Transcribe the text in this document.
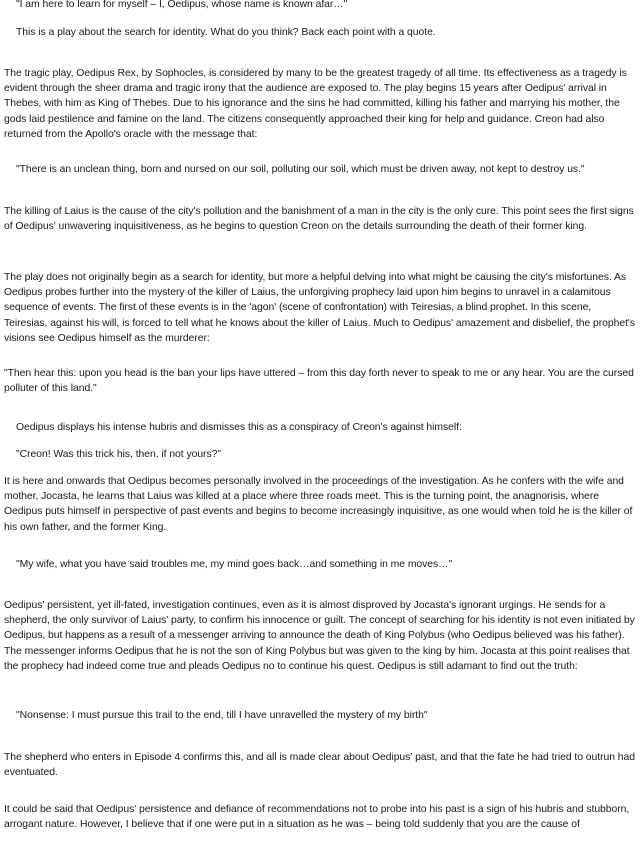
"I am here to learn for myself – I, Oedipus, whose name is known afar…"

This is a play about the search for identity. What do you think? Back each point with a quote.

The tragic play, Oedipus Rex, by Sophocles, is considered by many to be the greatest tragedy of all time. Its effectiveness as a tragedy is evident through the sheer drama and tragic irony that the audience are exposed to. The play begins 15 years after Oedipus' arrival in Thebes, with him as King of Thebes. Due to his ignorance and the sins he had committed, killing his father and marrying his mother, the gods laid pestilence and famine on the land. The citizens consequently approached their king for help and guidance. Creon had also returned from the Apollo's oracle with the message that:

"There is an unclean thing, born and nursed on our soil, polluting our soil, which must be driven away, not kept to destroy us."

The killing of Laius is the cause of the city's pollution and the banishment of a man in the city is the only cure. This point sees the first signs of Oedipus' unwavering inquisitiveness, as he begins to question Creon on the details surrounding the death of their former king.

The play does not originally begin as a search for identity, but more a helpful delving into what might be causing the city's misfortunes. As Oedipus probes further into the mystery of the killer of Laius, the unforgiving prophecy laid upon him begins to unravel in a calamitous sequence of events. The first of these events is in the 'agon' (scene of confrontation) with Teiresias, a blind prophet. In this scene, Teiresias, against his will, is forced to tell what he knows about the killer of Laius. Much to Oedipus' amazement and disbelief, the prophet's visions see Oedipus himself as the murderer:

"Then hear this: upon you head is the ban your lips have uttered – from this day forth never to speak to me or any hear. You are the cursed polluter of this land."

Oedipus displays his intense hubris and dismisses this as a conspiracy of Creon's against himself:

"Creon! Was this trick his, then, if not yours?"

It is here and onwards that Oedipus becomes personally involved in the proceedings of the investigation. As he confers with the wife and mother, Jocasta, he learns that Laius was killed at a place where three roads meet. This is the turning point, the anagnorisis, where Oedipus puts himself in perspective of past events and begins to become increasingly inquisitive, as one would when told he is the killer of his own father, and the former King.

"My wife, what you have said troubles me, my mind goes back…and something in me moves…"

Oedipus' persistent, yet ill-fated, investigation continues, even as it is almost disproved by Jocasta's ignorant urgings. He sends for a shepherd, the only survivor of Laius' party, to confirm his innocence or guilt. The concept of searching for his identity is not even initiated by Oedipus, but happens as a result of a messenger arriving to announce the death of King Polybus (who Oedipus believed was his father). The messenger informs Oedipus that he is not the son of King Polybus but was given to the king by him. Jocasta at this point realises that the prophecy had indeed come true and pleads Oedipus no to continue his quest. Oedipus is still adamant to find out the truth:

"Nonsense: I must pursue this trail to the end, till I have unravelled the mystery of my birth"

The shepherd who enters in Episode 4 confirms this, and all is made clear about Oedipus' past, and that the fate he had tried to outrun had eventuated.

It could be said that Oedipus' persistence and defiance of recommendations not to probe into his past is a sign of his hubris and stubborn, arrogant nature. However, I believe that if one were put in a situation as he was – being told suddenly that you are the cause of
